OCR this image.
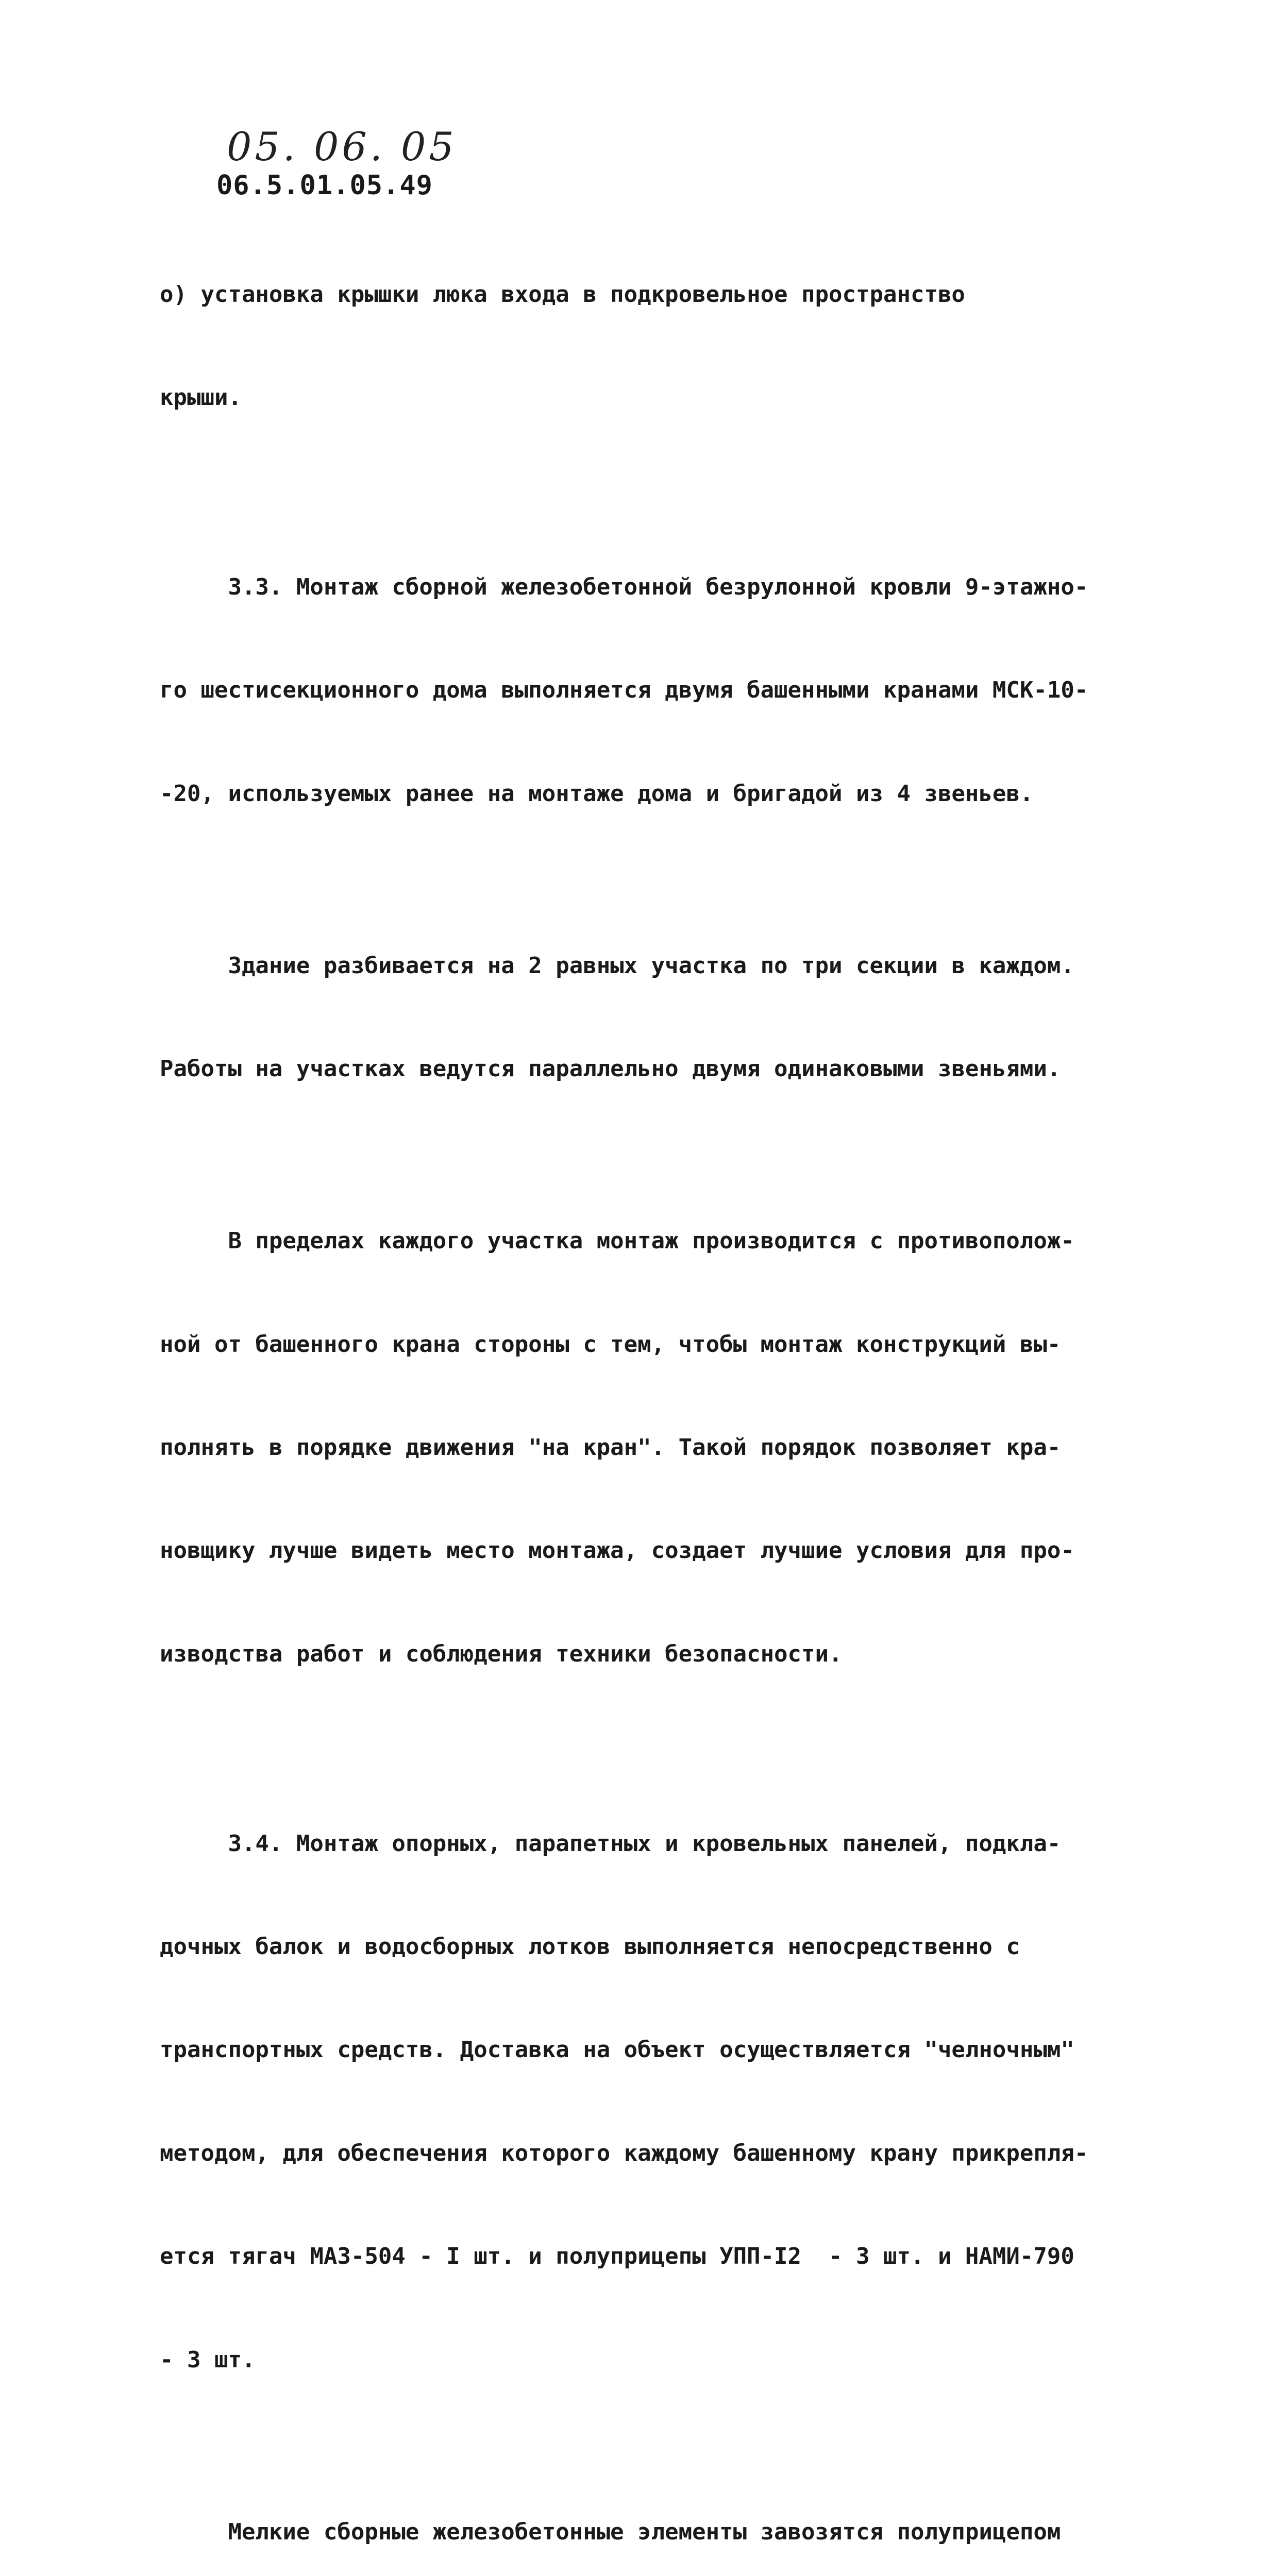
05. 06. 05
06.5.01.05.49

о) установка крышки люка входа в подкровельное пространство

крыши.

3.3. Монтаж сборной железобетонной безрулонной кровли 9-этажно-

го шестисекционного дома выполняется двумя башенными кранами МСК-10-

-20, используемых ранее на монтаже дома и бригадой из 4 звеньев.

Здание разбивается на 2 равных участка по три секции в каждом.

Работы на участках ведутся параллельно двумя одинаковыми звеньями.

В пределах каждого участка монтаж производится с противополож-

ной от башенного крана стороны с тем, чтобы монтаж конструкций вы-

полнять в порядке движения "на кран". Такой порядок позволяет кра-

новщику лучше видеть место монтажа, создает лучшие условия для про-

изводства работ и соблюдения техники безопасности.

3.4. Монтаж опорных, парапетных и кровельных панелей, подкла-

дочных балок и водосборных лотков выполняется непосредственно с

транспортных средств. Доставка на объект осуществляется "челночным"

методом, для обеспечения которого каждому башенному крану прикрепля-

ется тягач МАЗ-504 - I шт. и полуприцепы УПП-I2  - 3 шт. и НАМИ-790

- 3 шт.

Мелкие сборные железобетонные элементы завозятся полуприцепом
